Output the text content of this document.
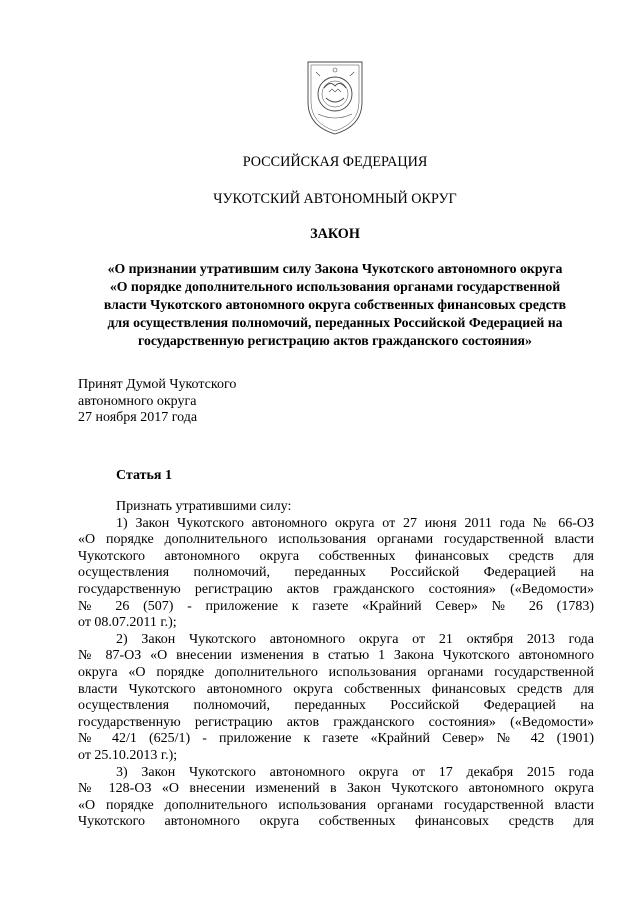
РОССИЙСКАЯ ФЕДЕРАЦИЯ
ЧУКОТСКИЙ АВТОНОМНЫЙ ОКРУГ
ЗАКОН
«О признании утратившим силу Закона Чукотского автономного округа
«О порядке дополнительного использования органами государственной
власти Чукотского автономного округа собственных финансовых средств
для осуществления полномочий, переданных Российской Федерацией на
государственную регистрацию актов гражданского состояния»
Принят Думой Чукотского
автономного округа
27 ноября 2017 года
Статья 1
Признать утратившими силу:
1) Закон Чукотского автономного округа от 27 июня 2011 года № 66-ОЗ
«О порядке дополнительного использования органами государственной власти
Чукотского автономного округа собственных финансовых средств для
осуществления полномочий, переданных Российской Федерацией на
государственную регистрацию актов гражданского состояния» («Ведомости»
№ 26 (507) - приложение к газете «Крайний Север» № 26 (1783)
от 08.07.2011 г.);
2) Закон Чукотского автономного округа от 21 октября 2013 года
№ 87-ОЗ «О внесении изменения в статью 1 Закона Чукотского автономного
округа «О порядке дополнительного использования органами государственной
власти Чукотского автономного округа собственных финансовых средств для
осуществления полномочий, переданных Российской Федерацией на
государственную регистрацию актов гражданского состояния» («Ведомости»
№ 42/1 (625/1) - приложение к газете «Крайний Север» № 42 (1901)
от 25.10.2013 г.);
3) Закон Чукотского автономного округа от 17 декабря 2015 года
№ 128-ОЗ «О внесении изменений в Закон Чукотского автономного округа
«О порядке дополнительного использования органами государственной власти
Чукотского автономного округа собственных финансовых средств для
